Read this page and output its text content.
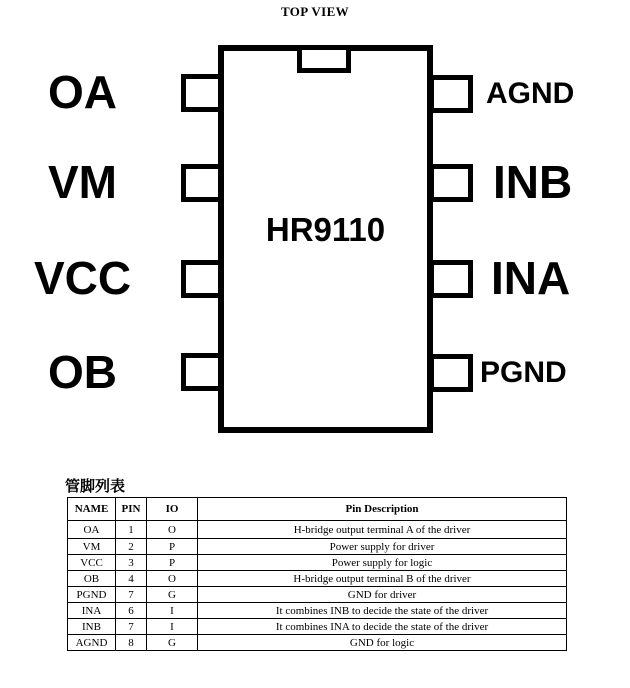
TOP VIEW
HR9110
OA
VM
VCC
OB
AGND
INB
INA
PGND
管脚列表
NAME	PIN	IO	Pin Description
OA	1	O	H-bridge output terminal A of the driver
VM	2	P	Power supply for driver
VCC	3	P	Power supply for logic
OB	4	O	H-bridge output terminal B of the driver
PGND	7	G	GND for driver
INA	6	I	It combines INB to decide the state of the driver
INB	7	I	It combines INA to decide the state of the driver
AGND	8	G	GND for logic
